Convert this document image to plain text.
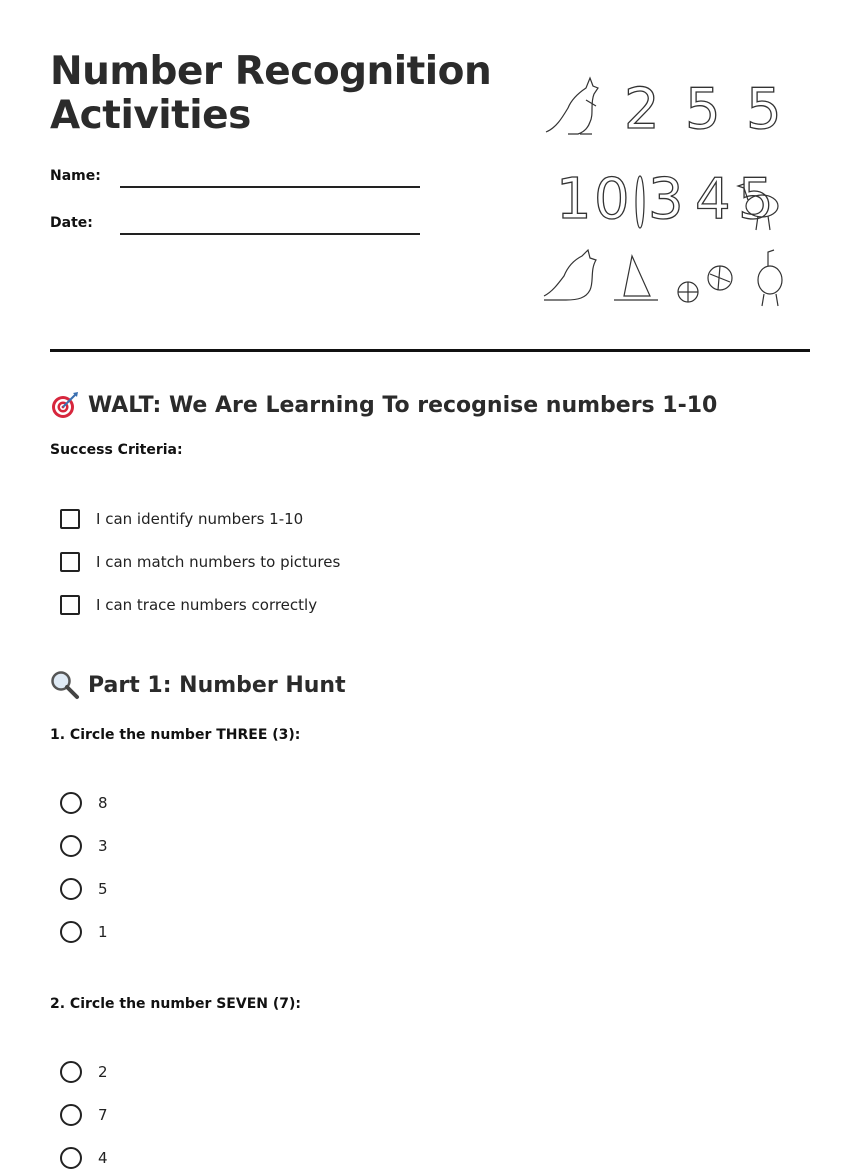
Number Recognition Activities
Name:
Date:
2 5 5
1 0 3 4 5
WALT: We Are Learning To recognise numbers 1-10

Success Criteria:

I can identify numbers 1-10
I can match numbers to pictures
I can trace numbers correctly
Part 1: Number Hunt

1. Circle the number THREE (3):

8
3
5
1

2. Circle the number SEVEN (7):

2
7
4
